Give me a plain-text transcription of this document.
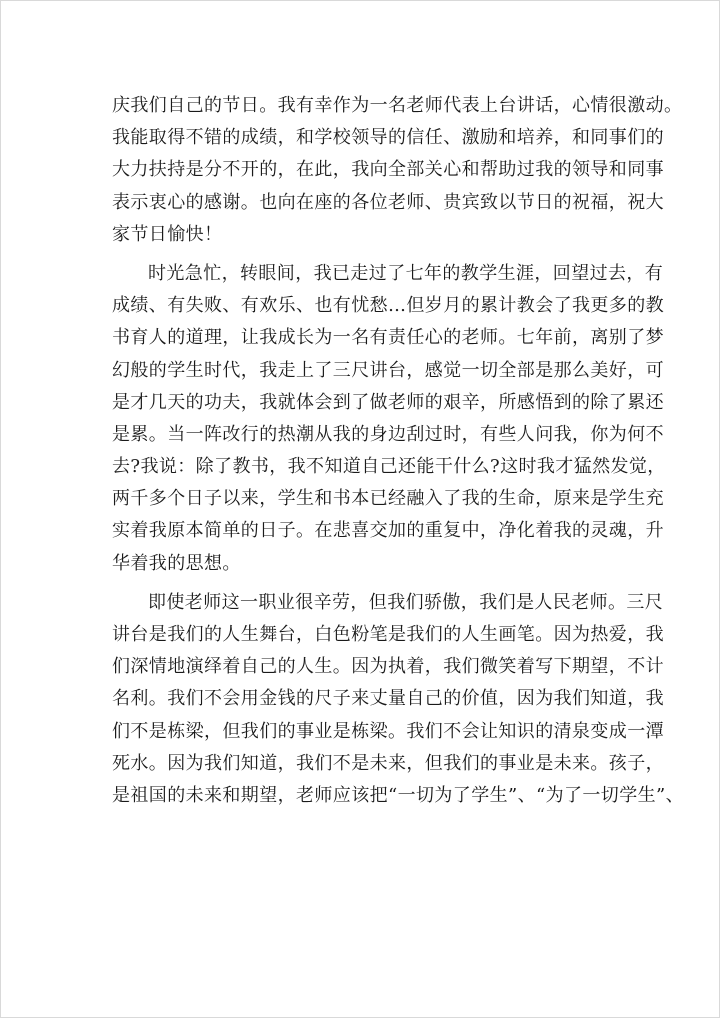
庆我们自己的节日。我有幸作为一名老师代表上台讲话，心情很激动。
我能取得不错的成绩，和学校领导的信任、激励和培养，和同事们的
大力扶持是分不开的，在此，我向全部关心和帮助过我的领导和同事
表示衷心的感谢。也向在座的各位老师、贵宾致以节日的祝福，祝大
家节日愉快！
时光急忙，转眼间，我已走过了七年的教学生涯，回望过去，有
成绩、有失败、有欢乐、也有忧愁…但岁月的累计教会了我更多的教
书育人的道理，让我成长为一名有责任心的老师。七年前，离别了梦
幻般的学生时代，我走上了三尺讲台，感觉一切全部是那么美好，可
是才几天的功夫，我就体会到了做老师的艰辛，所感悟到的除了累还
是累。当一阵改行的热潮从我的身边刮过时，有些人问我，你为何不
去?我说：除了教书，我不知道自己还能干什么?这时我才猛然发觉，
两千多个日子以来，学生和书本已经融入了我的生命，原来是学生充
实着我原本简单的日子。在悲喜交加的重复中，净化着我的灵魂，升
华着我的思想。
即使老师这一职业很辛劳，但我们骄傲，我们是人民老师。三尺
讲台是我们的人生舞台，白色粉笔是我们的人生画笔。因为热爱，我
们深情地演绎着自己的人生。因为执着，我们微笑着写下期望，不计
名利。我们不会用金钱的尺子来丈量自己的价值，因为我们知道，我
们不是栋梁，但我们的事业是栋梁。我们不会让知识的清泉变成一潭
死水。因为我们知道，我们不是未来，但我们的事业是未来。孩子，
是祖国的未来和期望，老师应该把“一切为了学生”、“为了一切学生”、
